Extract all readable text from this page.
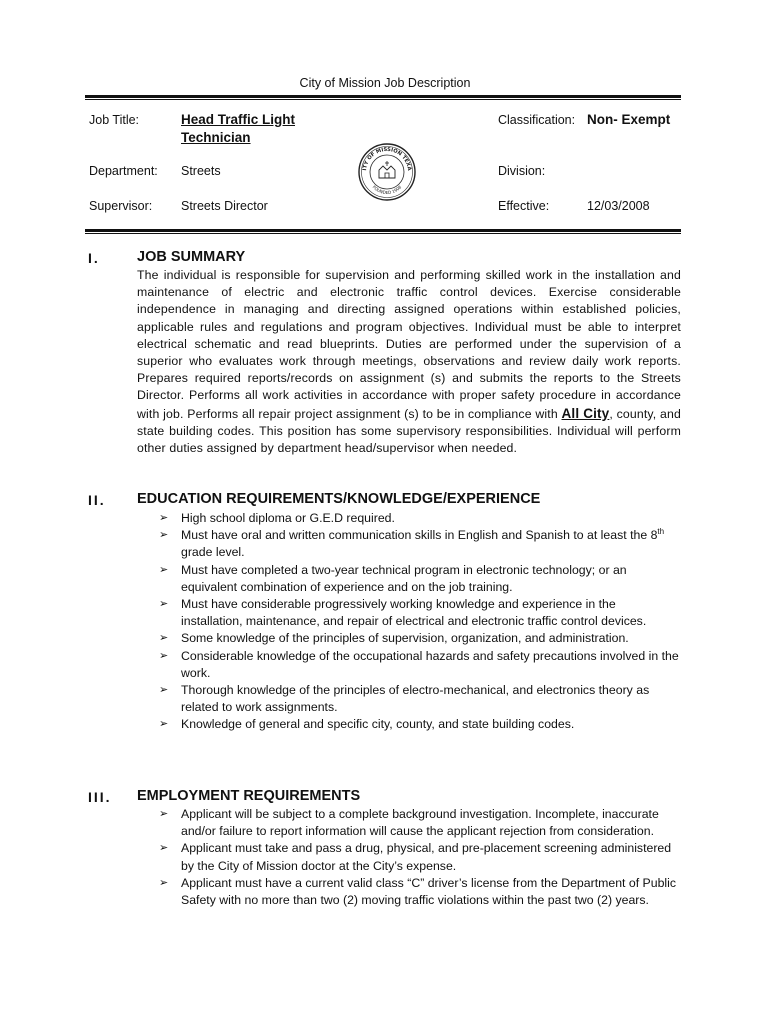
City of Mission Job Description
Job Title:	Head Traffic Light
Technician
Classification: Non- Exempt
Department: Streets	Division:
Supervisor: Streets Director	Effective:	12/03/2008
ITY OF MISSION TEXA
FOUNDED 1908
I.	JOB SUMMARY
The individual is responsible for supervision and performing skilled work in the installation and maintenance of electric and electronic traffic control devices. Exercise considerable independence in managing and directing assigned operations within established policies, applicable rules and regulations and program objectives. Individual must be able to interpret electrical schematic and read blueprints. Duties are performed under the supervision of a superior who evaluates work through meetings, observations and review daily work reports. Prepares required reports/records on assignment (s) and submits the reports to the Streets Director. Performs all work activities in accordance with proper safety procedure in accordance with job. Performs all repair project assignment (s) to be in compliance with All City, county, and state building codes. This position has some supervisory responsibilities. Individual will perform other duties assigned by department head/supervisor when needed.
II. EDUCATION REQUIREMENTS/KNOWLEDGE/EXPERIENCE
➢ High school diploma or G.E.D required.
➢ Must have oral and written communication skills in English and Spanish to at least the 8th grade level.
➢ Must have completed a two-year technical program in electronic technology; or an equivalent combination of experience and on the job training.
➢ Must have considerable progressively working knowledge and experience in the installation, maintenance, and repair of electrical and electronic traffic control devices.
➢ Some knowledge of the principles of supervision, organization, and administration.
➢ Considerable knowledge of the occupational hazards and safety precautions involved in the work.
➢ Thorough knowledge of the principles of electro-mechanical, and electronics theory as related to work assignments.
➢ Knowledge of general and specific city, county, and state building codes.
III. EMPLOYMENT REQUIREMENTS
➢ Applicant will be subject to a complete background investigation. Incomplete, inaccurate and/or failure to report information will cause the applicant rejection from consideration.
➢ Applicant must take and pass a drug, physical, and pre-placement screening administered by the City of Mission doctor at the City’s expense.
➢ Applicant must have a current valid class “C” driver’s license from the Department of Public Safety with no more than two (2) moving traffic violations within the past two (2) years.
